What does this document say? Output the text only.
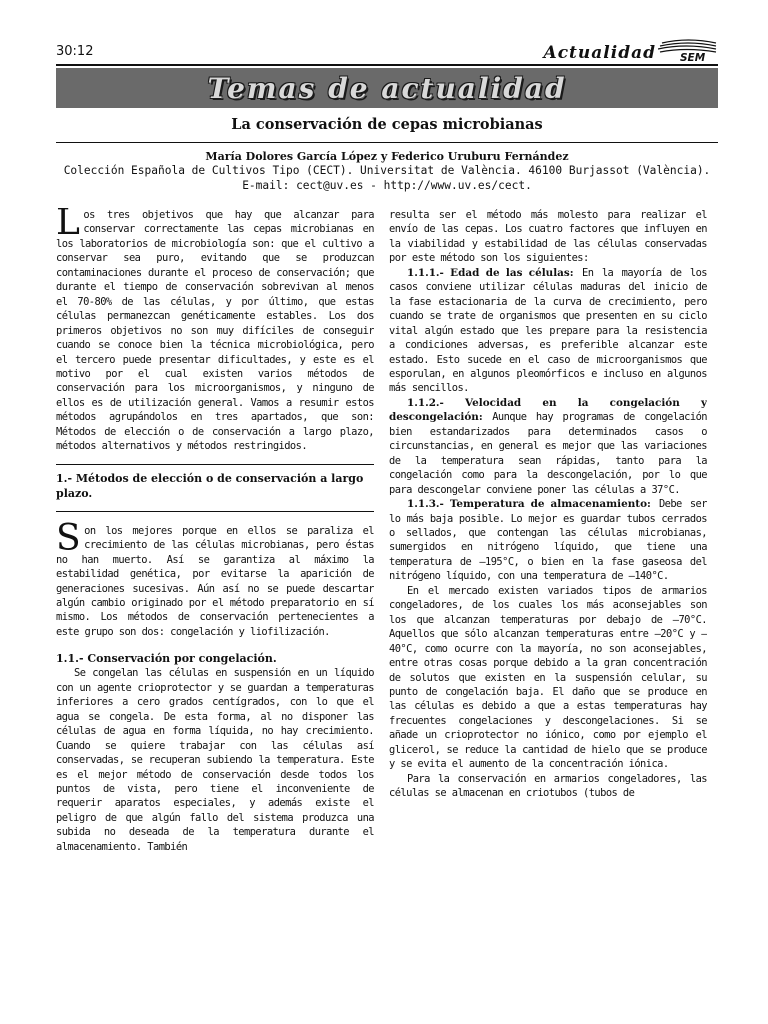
30:12	Actualidad SEM
Temas de actualidad
La conservación de cepas microbianas
María Dolores García López y Federico Uruburu Fernández
Colección Española de Cultivos Tipo (CECT). Universitat de València. 46100 Burjassot (València).
E-mail: cect@uv.es - http://www.uv.es/cect.

Los tres objetivos que hay que alcanzar para conservar correctamente las cepas microbianas en los laboratorios de microbiología son: que el cultivo a conservar sea puro, evitando que se produzcan contaminaciones durante el proceso de conservación; que durante el tiempo de conservación sobrevivan al menos el 70-80% de las células, y por último, que estas células permanezcan genéticamente estables. Los dos primeros objetivos no son muy difíciles de conseguir cuando se conoce bien la técnica microbiológica, pero el tercero puede presentar dificultades, y este es el motivo por el cual existen varios métodos de conservación para los microorganismos, y ninguno de ellos es de utilización general. Vamos a resumir estos métodos agrupándolos en tres apartados, que son: Métodos de elección o de conservación a largo plazo, métodos alternativos y métodos restringidos.

1.- Métodos de elección o de conservación a largo plazo.

Son los mejores porque en ellos se paraliza el crecimiento de las células microbianas, pero éstas no han muerto. Así se garantiza al máximo la estabilidad genética, por evitarse la aparición de generaciones sucesivas. Aún así no se puede descartar algún cambio originado por el método preparatorio en sí mismo. Los métodos de conservación pertenecientes a este grupo son dos: congelación y liofilización.

1.1.- Conservación por congelación.

Se congelan las células en suspensión en un líquido con un agente crioprotector y se guardan a temperaturas inferiores a cero grados centígrados, con lo que el agua se congela. De esta forma, al no disponer las células de agua en forma líquida, no hay crecimiento. Cuando se quiere trabajar con las células así conservadas, se recuperan subiendo la temperatura. Este es el mejor método de conservación desde todos los puntos de vista, pero tiene el inconveniente de requerir aparatos especiales, y además existe el peligro de que algún fallo del sistema produzca una subida no deseada de la temperatura durante el almacenamiento. También

resulta ser el método más molesto para realizar el envío de las cepas. Los cuatro factores que influyen en la viabilidad y estabilidad de las células conservadas por este método son los siguientes:

1.1.1.- Edad de las células: En la mayoría de los casos conviene utilizar células maduras del inicio de la fase estacionaria de la curva de crecimiento, pero cuando se trate de organismos que presenten en su ciclo vital algún estado que les prepare para la resistencia a condiciones adversas, es preferible alcanzar este estado. Esto sucede en el caso de microorganismos que esporulan, en algunos pleomórficos e incluso en algunos más sencillos.

1.1.2.- Velocidad en la congelación y descongelación: Aunque hay programas de congelación bien estandarizados para determinados casos o circunstancias, en general es mejor que las variaciones de la temperatura sean rápidas, tanto para la congelación como para la descongelación, por lo que para descongelar conviene poner las células a 37°C.

1.1.3.- Temperatura de almacenamiento: Debe ser lo más baja posible. Lo mejor es guardar tubos cerrados o sellados, que contengan las células microbianas, sumergidos en nitrógeno líquido, que tiene una temperatura de –195°C, o bien en la fase gaseosa del nitrógeno líquido, con una temperatura de –140°C.

En el mercado existen variados tipos de armarios congeladores, de los cuales los más aconsejables son los que alcanzan temperaturas por debajo de –70°C. Aquellos que sólo alcanzan temperaturas entre –20°C y –40°C, como ocurre con la mayoría, no son aconsejables, entre otras cosas porque debido a la gran concentración de solutos que existen en la suspensión celular, su punto de congelación baja. El daño que se produce en las células es debido a que a estas temperaturas hay frecuentes congelaciones y descongelaciones. Si se añade un crioprotector no iónico, como por ejemplo el glicerol, se reduce la cantidad de hielo que se produce y se evita el aumento de la concentración iónica.

Para la conservación en armarios congeladores, las células se almacenan en criotubos (tubos de
